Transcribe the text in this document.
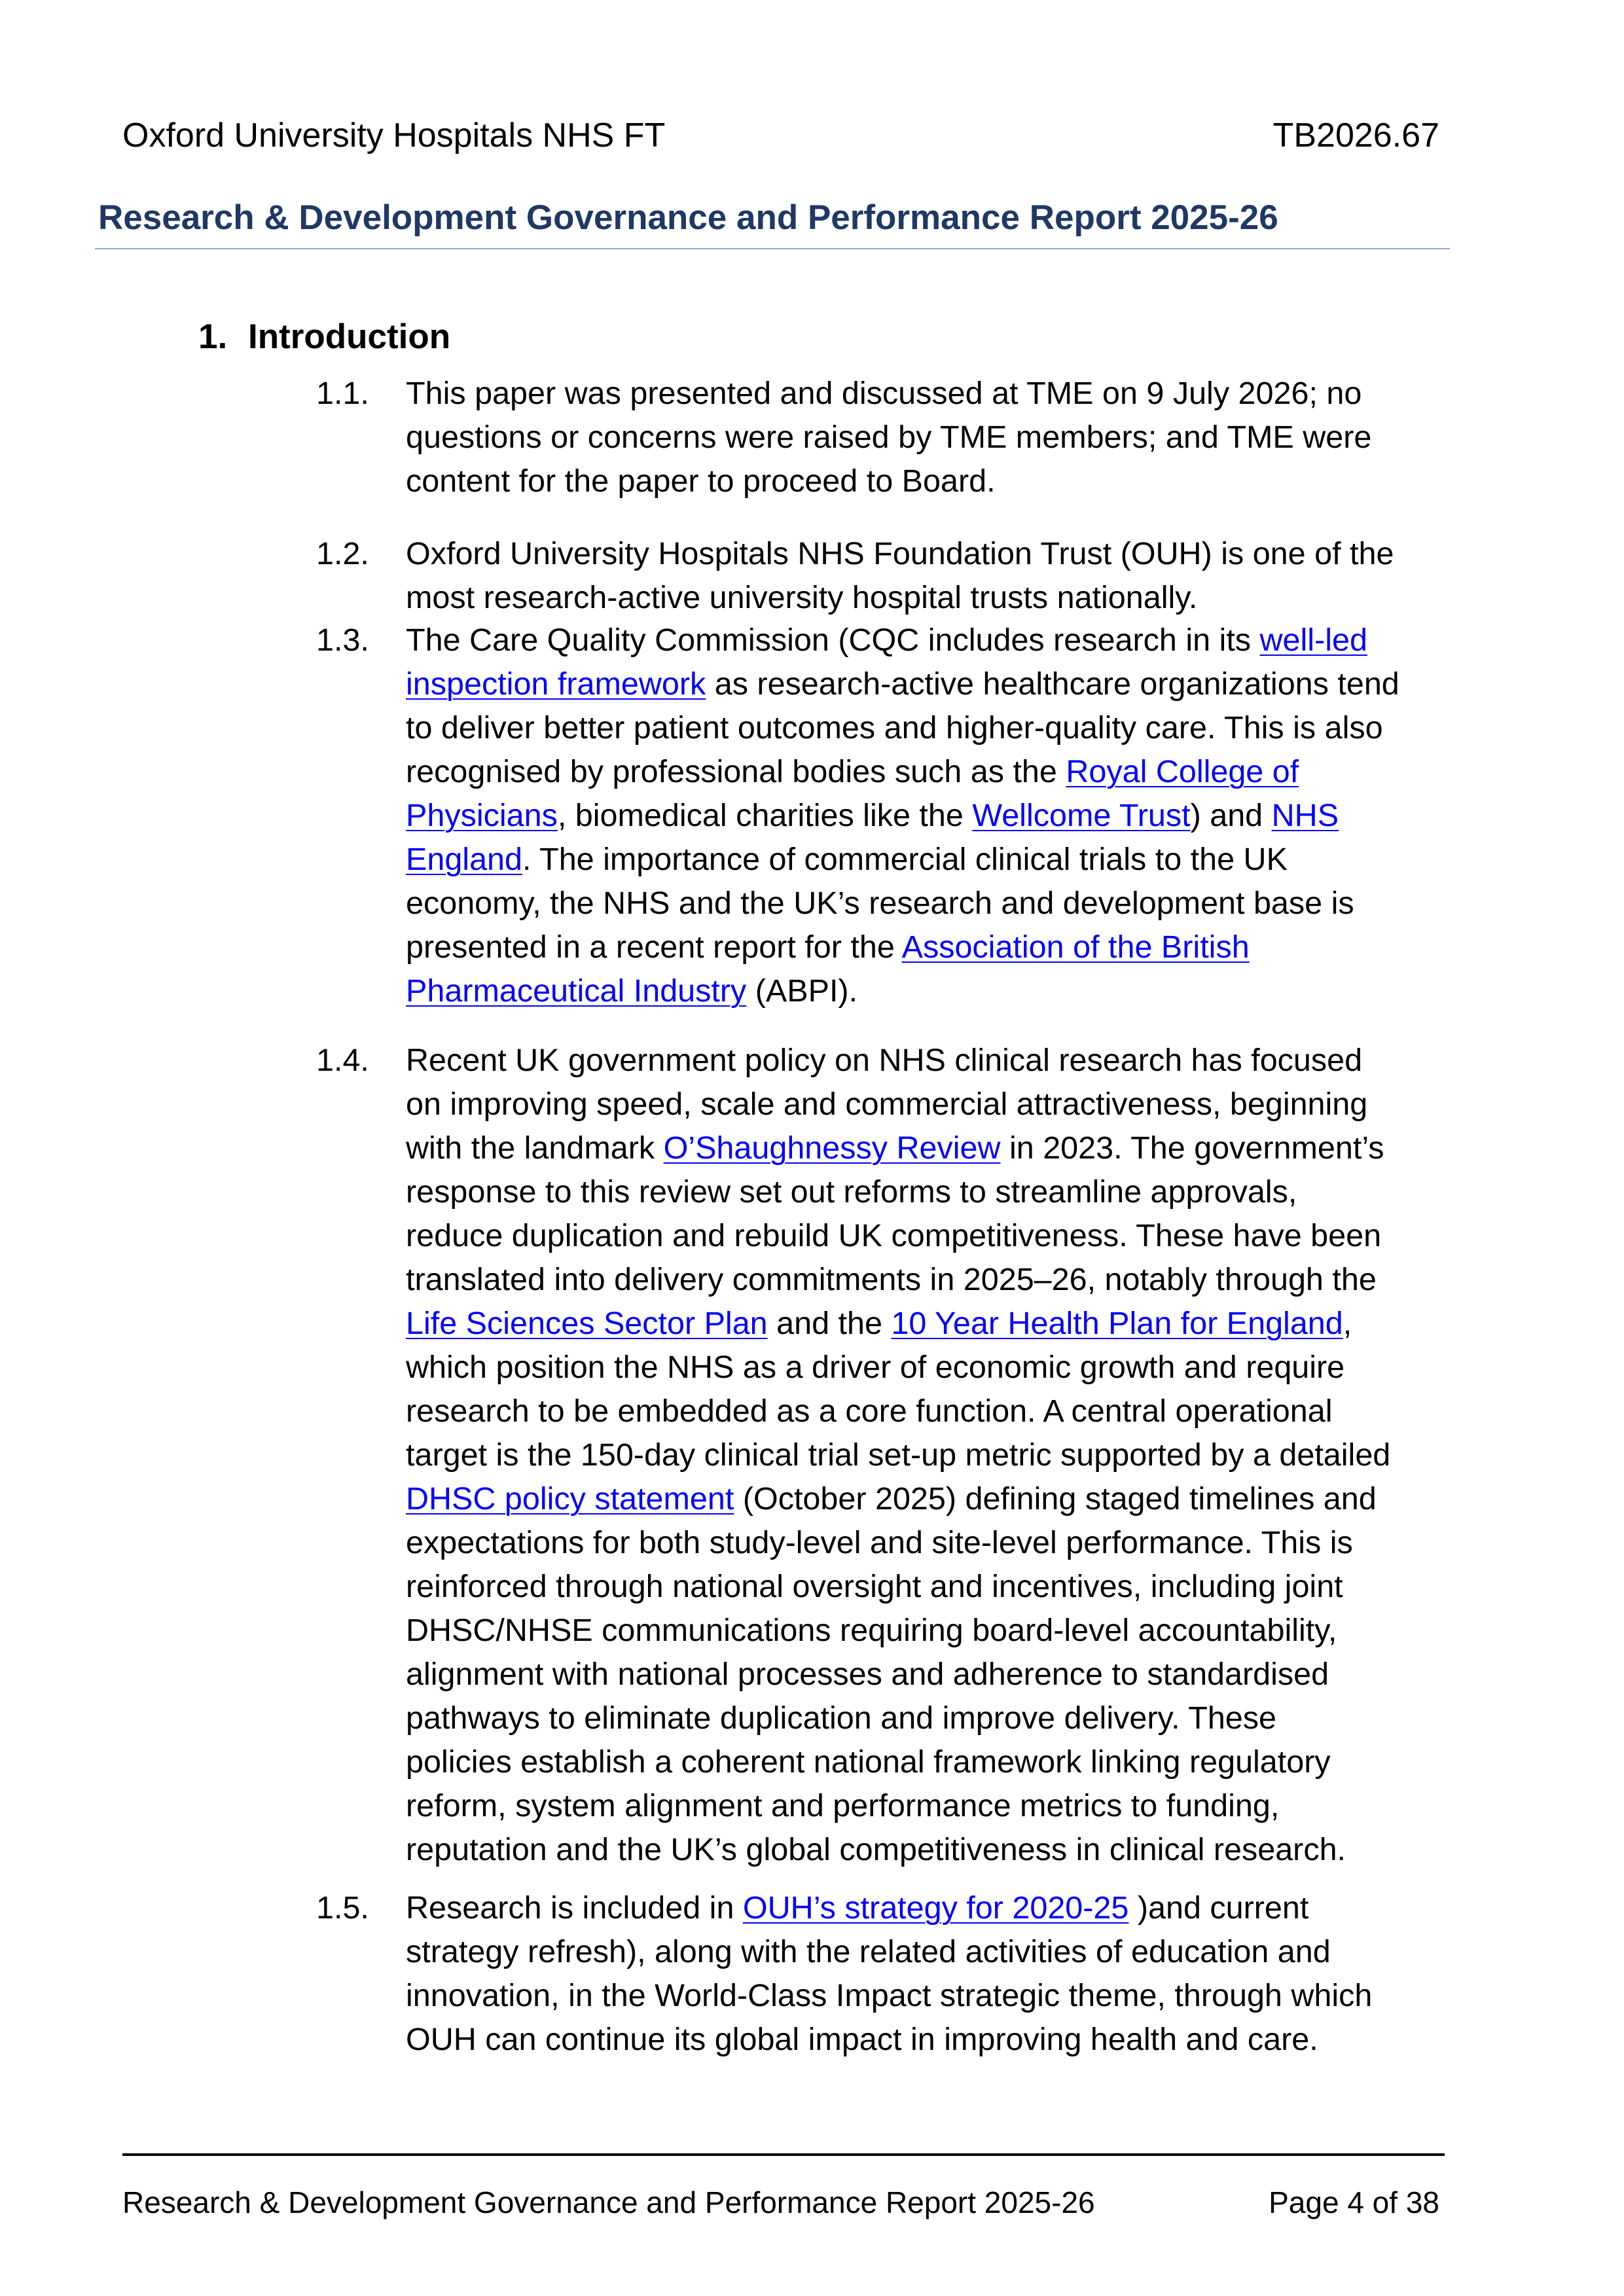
Oxford University Hospitals NHS FT	TB2026.67
Research & Development Governance and Performance Report 2025-26
1. Introduction
1.1. This paper was presented and discussed at TME on 9 July 2026; no
questions or concerns were raised by TME members; and TME were
content for the paper to proceed to Board.
1.2. Oxford University Hospitals NHS Foundation Trust (OUH) is one of the
most research-active university hospital trusts nationally.
1.3. The Care Quality Commission (CQC includes research in its well-led
inspection framework as research-active healthcare organizations tend
to deliver better patient outcomes and higher-quality care. This is also
recognised by professional bodies such as the Royal College of
Physicians, biomedical charities like the Wellcome Trust) and NHS
England. The importance of commercial clinical trials to the UK
economy, the NHS and the UK’s research and development base is
presented in a recent report for the Association of the British
Pharmaceutical Industry (ABPI).
1.4. Recent UK government policy on NHS clinical research has focused
on improving speed, scale and commercial attractiveness, beginning
with the landmark O’Shaughnessy Review in 2023. The government’s
response to this review set out reforms to streamline approvals,
reduce duplication and rebuild UK competitiveness. These have been
translated into delivery commitments in 2025–26, notably through the
Life Sciences Sector Plan and the 10 Year Health Plan for England,
which position the NHS as a driver of economic growth and require
research to be embedded as a core function. A central operational
target is the 150-day clinical trial set-up metric supported by a detailed
DHSC policy statement (October 2025) defining staged timelines and
expectations for both study-level and site-level performance. This is
reinforced through national oversight and incentives, including joint
DHSC/NHSE communications requiring board-level accountability,
alignment with national processes and adherence to standardised
pathways to eliminate duplication and improve delivery. These
policies establish a coherent national framework linking regulatory
reform, system alignment and performance metrics to funding,
reputation and the UK’s global competitiveness in clinical research.
1.5. Research is included in OUH’s strategy for 2020-25 )and current
strategy refresh), along with the related activities of education and
innovation, in the World-Class Impact strategic theme, through which
OUH can continue its global impact in improving health and care.
Research & Development Governance and Performance Report 2025-26	Page 4 of 38
